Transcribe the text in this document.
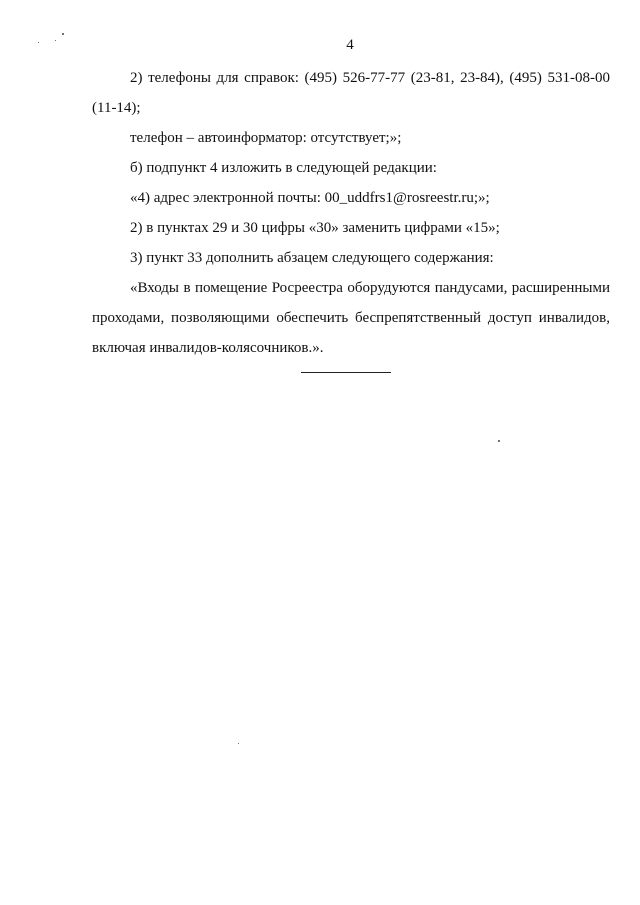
4

2) телефоны для справок: (495) 526-77-77 (23-81, 23-84), (495) 531-08-00 (11-14);

телефон – автоинформатор: отсутствует;»;

б) подпункт 4 изложить в следующей редакции:

«4) адрес электронной почты: 00_uddfrs1@rosreestr.ru;»;

2) в пунктах 29 и 30 цифры «30» заменить цифрами «15»;

3) пункт 33 дополнить абзацем следующего содержания:

«Входы в помещение Росреестра оборудуются пандусами, расширенными проходами, позволяющими обеспечить беспрепятственный доступ инвалидов, включая инвалидов-колясочников.».
